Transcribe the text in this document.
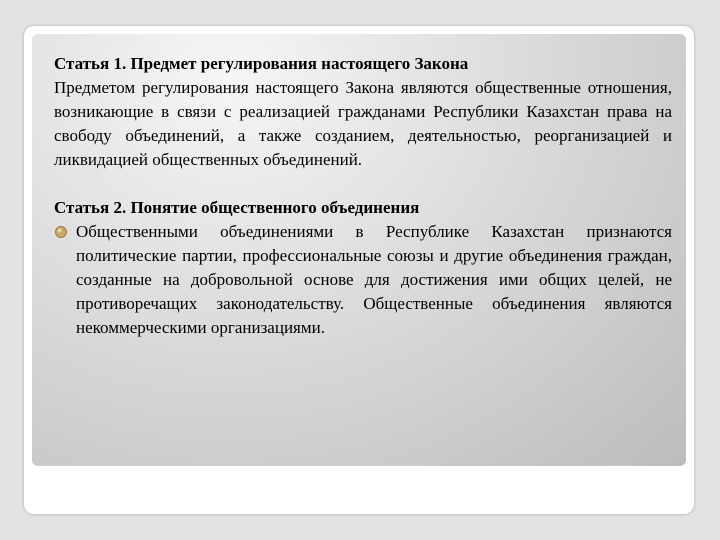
Статья 1. Предмет регулирования настоящего Закона

Предметом регулирования настоящего Закона являются общественные отношения, возникающие в связи с реализацией гражданами Республики Казахстан права на свободу объединений, а также созданием, деятельностью, реорганизацией и ликвидацией общественных объединений.

Статья 2. Понятие общественного объединения

Общественными объединениями в Республике Казахстан признаются политические партии, профессиональные союзы и другие объединения граждан, созданные на добровольной основе для достижения ими общих целей, не противоречащих законодательству. Общественные объединения являются некоммерческими организациями.
